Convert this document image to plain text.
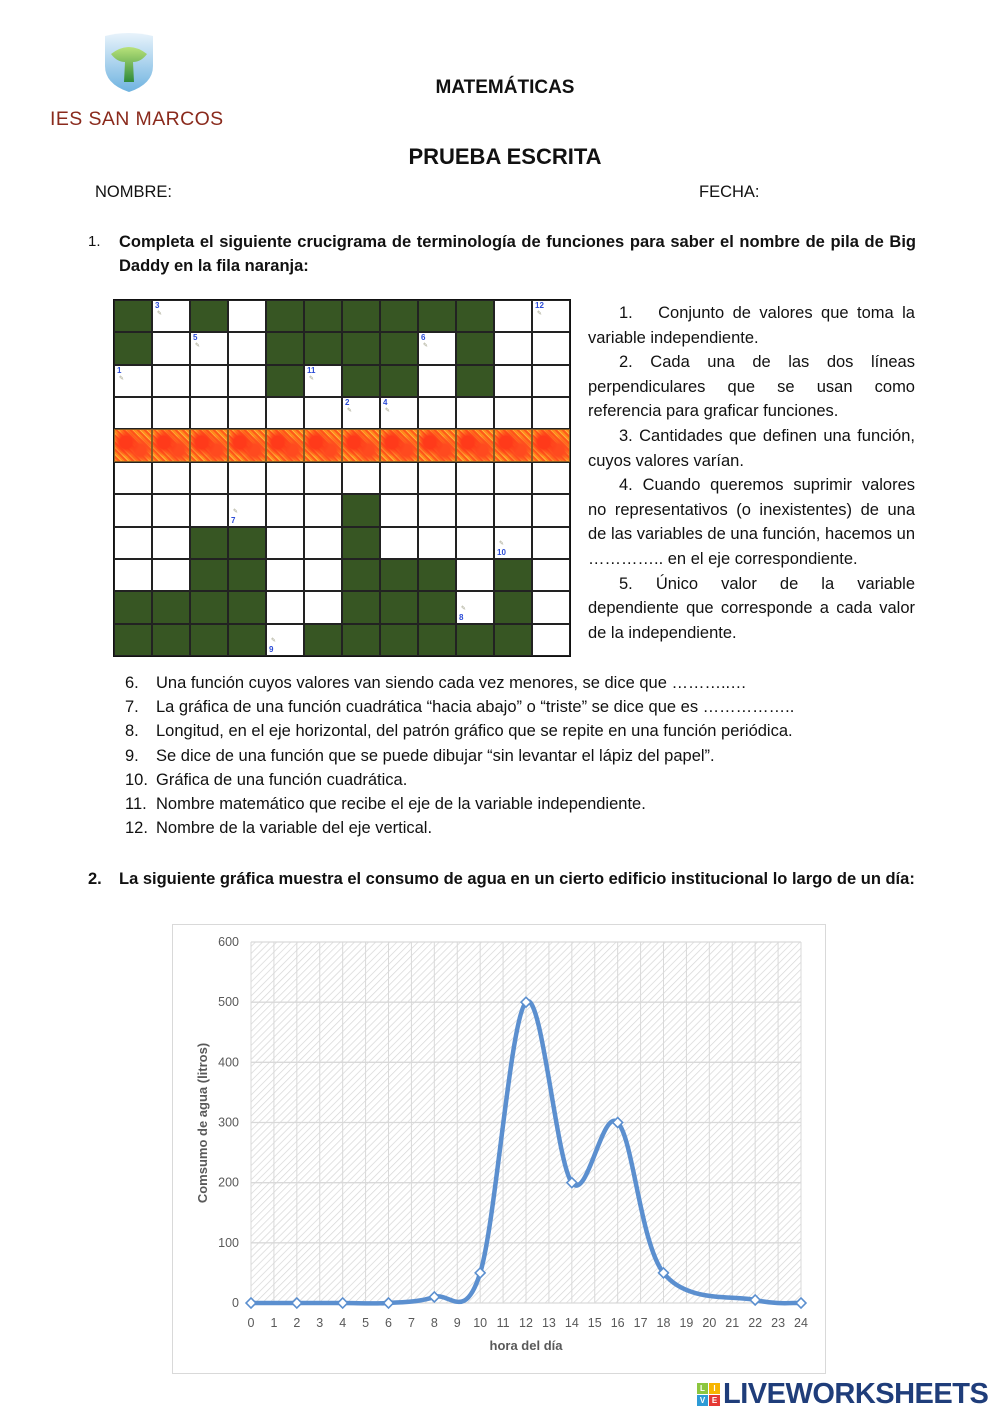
IES SAN MARCOS
MATEMÁTICAS
PRUEBA ESCRITA
NOMBRE:	FECHA:
1. Completa el siguiente crucigrama de terminología de funciones para saber el nombre de pila de Big Daddy en la fila naranja:
3
✎
12
✎
5
✎
6
✎
1
✎
11
✎
2
✎
4
✎
7
✎
10
✎
8
✎
9
✎

1. Conjunto de valores que toma la variable independiente.

2. Cada una de las dos líneas perpendiculares que se usan como referencia para graficar funciones.

3. Cantidades que definen una función, cuyos valores varían.

4. Cuando queremos suprimir valores no representativos (o inexistentes) de una de las variables de una función, hacemos un ………….. en el eje correspondiente.

5. Único valor de la variable dependiente que corresponde a cada valor de la independiente.

6.	Una función cuyos valores van siendo cada vez menores, se dice que ………..…
7.	La gráfica de una función cuadrática “hacia abajo” o “triste” se dice que es ……………..
8.	Longitud, en el eje horizontal, del patrón gráfico que se repite en una función periódica.
9.	Se dice de una función que se puede dibujar “sin levantar el lápiz del papel”.
10. Gráfica de una función cuadrática.
11. Nombre matemático que recibe el eje de la variable independiente.
12. Nombre de la variable del eje vertical.
2. La siguiente gráfica muestra el consumo de agua en un cierto edificio institucional lo largo de un día:
0
100
200
300
400
500
600
0 1 2 3 4 5 6 7 8 9 10 11 12 13 14 15 16 17 18 19 20 21 22 23 24
hora del día
Comsumo de agua (litros)
L	I
V E LIVEWORKSHEETS
